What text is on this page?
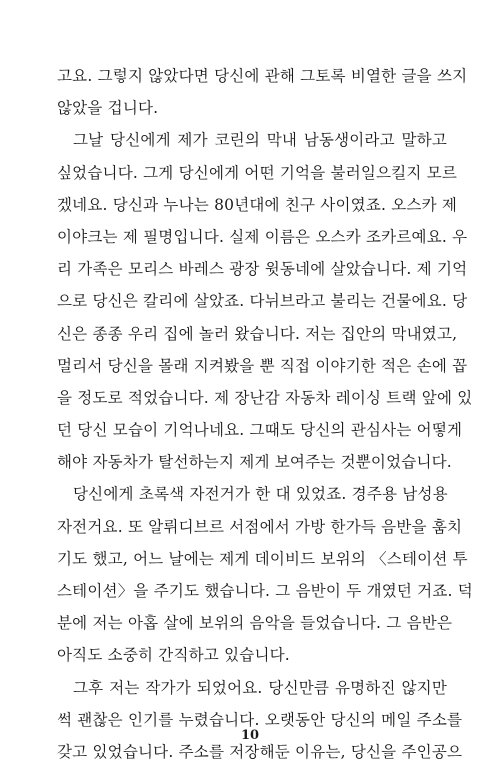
고요. 그렇지 않았다면 당신에 관해 그토록 비열한 글을 쓰지
않았을 겁니다.
그날 당신에게 제가 코린의 막내 남동생이라고 말하고
싶었습니다. 그게 당신에게 어떤 기억을 불러일으킬지 모르
겠네요. 당신과 누나는 80년대에 친구 사이였죠. 오스카 제
이야크는 제 필명입니다. 실제 이름은 오스카 조카르예요. 우
리 가족은 모리스 바레스 광장 윗동네에 살았습니다. 제 기억
으로 당신은 칼리에 살았죠. 다뉘브라고 불리는 건물에요. 당
신은 종종 우리 집에 놀러 왔습니다. 저는 집안의 막내였고,
멀리서 당신을 몰래 지켜봤을 뿐 직접 이야기한 적은 손에 꼽
을 정도로 적었습니다. 제 장난감 자동차 레이싱 트랙 앞에 있
던 당신 모습이 기억나네요. 그때도 당신의 관심사는 어떻게
해야 자동차가 탈선하는지 제게 보여주는 것뿐이었습니다.
당신에게 초록색 자전거가 한 대 있었죠. 경주용 남성용
자전거요. 또 알뤼디브르 서점에서 가방 한가득 음반을 훔치
기도 했고, 어느 날에는 제게 데이비드 보위의 〈스테이션 투
스테이션〉을 주기도 했습니다. 그 음반이 두 개였던 거죠. 덕
분에 저는 아홉 살에 보위의 음악을 들었습니다. 그 음반은
아직도 소중히 간직하고 있습니다.
그후 저는 작가가 되었어요. 당신만큼 유명하진 않지만
썩 괜찮은 인기를 누렸습니다. 오랫동안 당신의 메일 주소를
갖고 있었습니다. 주소를 저장해둔 이유는, 당신을 주인공으
10
